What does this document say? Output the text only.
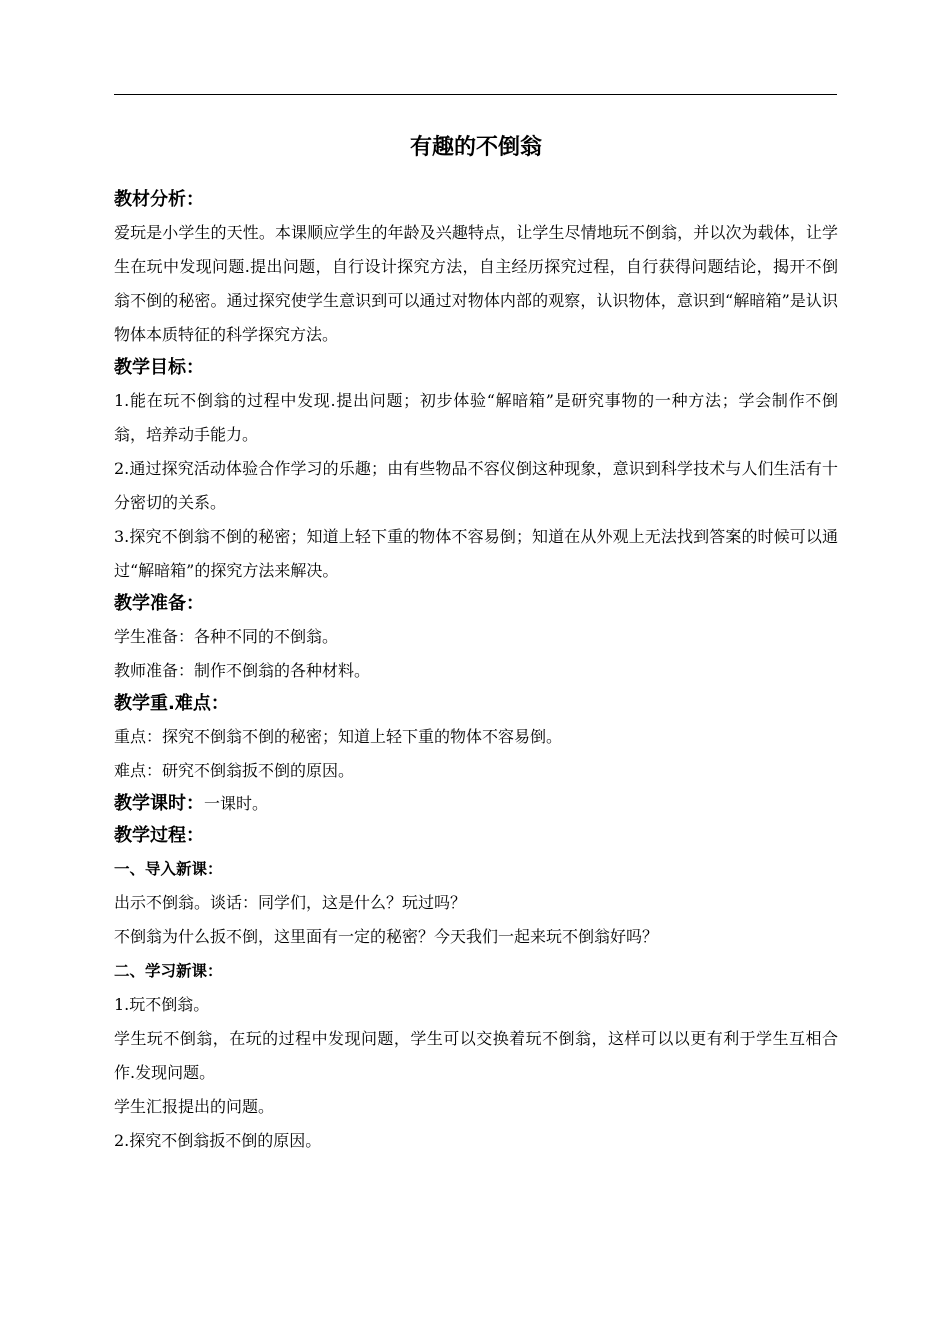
有趣的不倒翁

教材分析：

爱玩是小学生的天性。本课顺应学生的年龄及兴趣特点，让学生尽情地玩不倒翁，并以次为载体，让学生在玩中发现问题.提出问题，自行设计探究方法，自主经历探究过程，自行获得问题结论，揭开不倒翁不倒的秘密。通过探究使学生意识到可以通过对物体内部的观察，认识物体，意识到“解暗箱”是认识物体本质特征的科学探究方法。

教学目标：

1.能在玩不倒翁的过程中发现.提出问题；初步体验“解暗箱”是研究事物的一种方法；学会制作不倒翁，培养动手能力。

2.通过探究活动体验合作学习的乐趣；由有些物品不容仪倒这种现象，意识到科学技术与人们生活有十分密切的关系。

3.探究不倒翁不倒的秘密；知道上轻下重的物体不容易倒；知道在从外观上无法找到答案的时候可以通过“解暗箱”的探究方法来解决。

教学准备：

学生准备：各种不同的不倒翁。

教师准备：制作不倒翁的各种材料。

教学重.难点：

重点：探究不倒翁不倒的秘密；知道上轻下重的物体不容易倒。

难点：研究不倒翁扳不倒的原因。

教学课时：一课时。

教学过程：

一、导入新课：

出示不倒翁。谈话：同学们，这是什么？玩过吗？

不倒翁为什么扳不倒，这里面有一定的秘密？今天我们一起来玩不倒翁好吗？

二、学习新课：

1.玩不倒翁。

学生玩不倒翁，在玩的过程中发现问题，学生可以交换着玩不倒翁，这样可以以更有利于学生互相合作.发现问题。

学生汇报提出的问题。

2.探究不倒翁扳不倒的原因。
